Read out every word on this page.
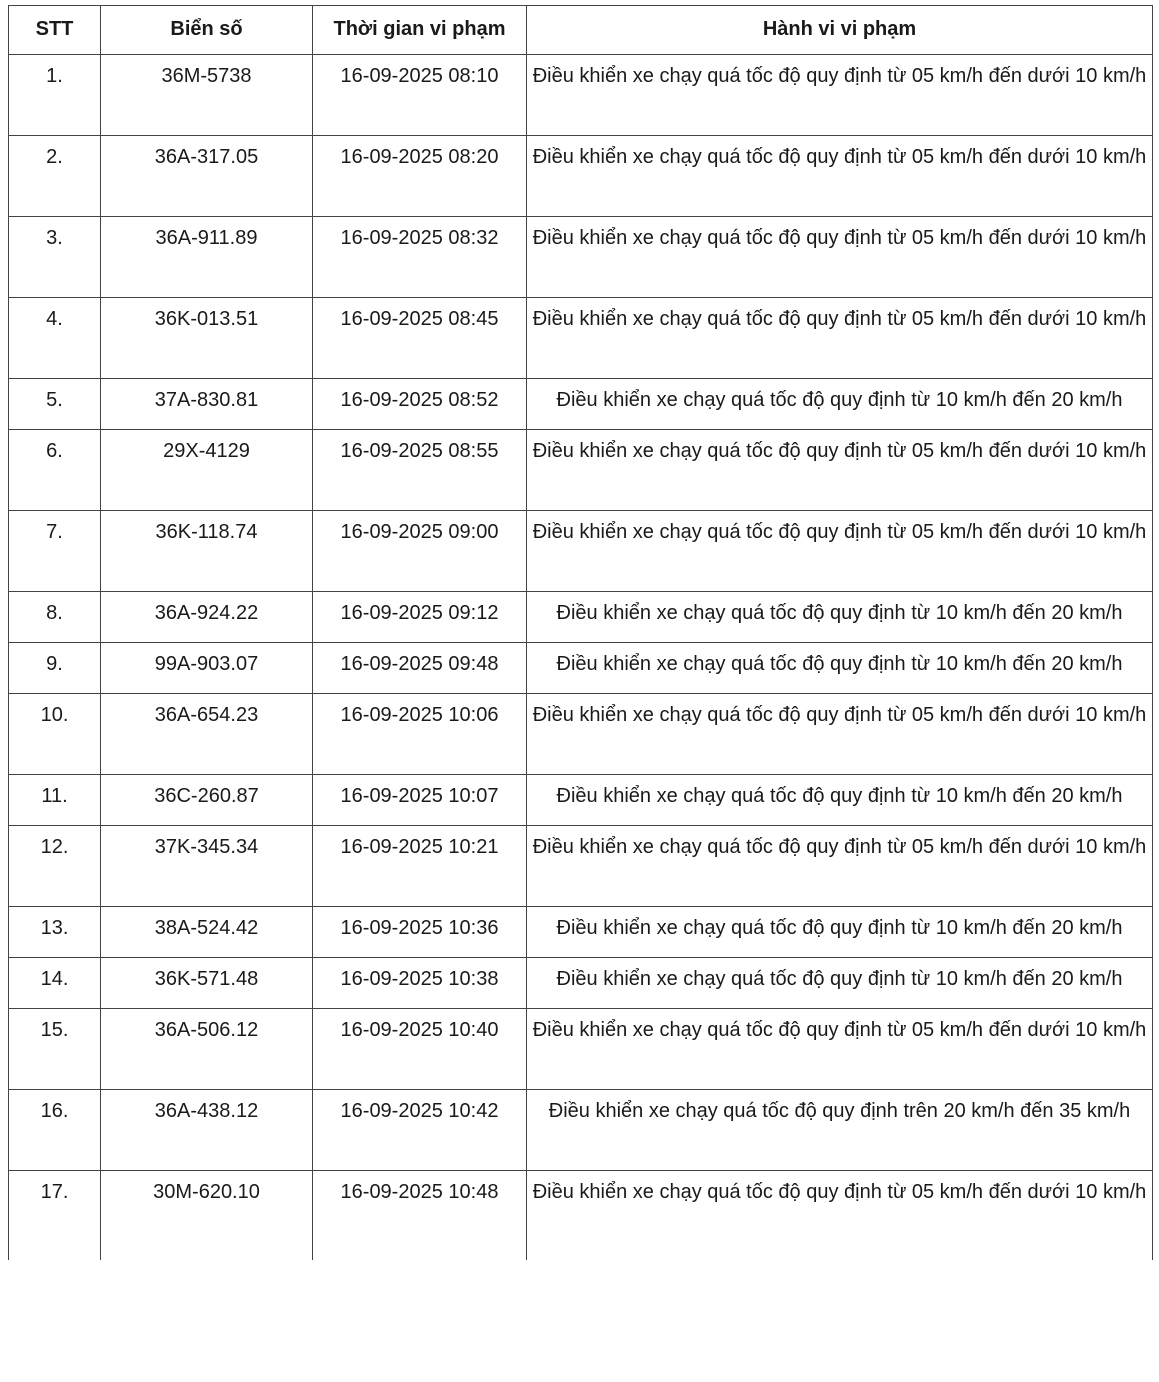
STT	Biển số	Thời gian vi phạm	Hành vi vi phạm
1.	36M-5738	16-09-2025 08:10	Điều khiển xe chạy quá tốc độ quy định từ 05 km/h đến dưới 10 km/h
2.	36A-317.05	16-09-2025 08:20	Điều khiển xe chạy quá tốc độ quy định từ 05 km/h đến dưới 10 km/h
3.	36A-911.89	16-09-2025 08:32	Điều khiển xe chạy quá tốc độ quy định từ 05 km/h đến dưới 10 km/h
4.	36K-013.51	16-09-2025 08:45	Điều khiển xe chạy quá tốc độ quy định từ 05 km/h đến dưới 10 km/h
5.	37A-830.81	16-09-2025 08:52	Điều khiển xe chạy quá tốc độ quy định từ 10 km/h đến 20 km/h
6.	29X-4129	16-09-2025 08:55	Điều khiển xe chạy quá tốc độ quy định từ 05 km/h đến dưới 10 km/h
7.	36K-118.74	16-09-2025 09:00	Điều khiển xe chạy quá tốc độ quy định từ 05 km/h đến dưới 10 km/h
8.	36A-924.22	16-09-2025 09:12	Điều khiển xe chạy quá tốc độ quy định từ 10 km/h đến 20 km/h
9.	99A-903.07	16-09-2025 09:48	Điều khiển xe chạy quá tốc độ quy định từ 10 km/h đến 20 km/h
10.	36A-654.23	16-09-2025 10:06	Điều khiển xe chạy quá tốc độ quy định từ 05 km/h đến dưới 10 km/h
11.	36C-260.87	16-09-2025 10:07	Điều khiển xe chạy quá tốc độ quy định từ 10 km/h đến 20 km/h
12.	37K-345.34	16-09-2025 10:21	Điều khiển xe chạy quá tốc độ quy định từ 05 km/h đến dưới 10 km/h
13.	38A-524.42	16-09-2025 10:36	Điều khiển xe chạy quá tốc độ quy định từ 10 km/h đến 20 km/h
14.	36K-571.48	16-09-2025 10:38	Điều khiển xe chạy quá tốc độ quy định từ 10 km/h đến 20 km/h
15.	36A-506.12	16-09-2025 10:40	Điều khiển xe chạy quá tốc độ quy định từ 05 km/h đến dưới 10 km/h
16.	36A-438.12	16-09-2025 10:42	Điều khiển xe chạy quá tốc độ quy định trên 20 km/h đến 35 km/h
17.	30M-620.10	16-09-2025 10:48	Điều khiển xe chạy quá tốc độ quy định từ 05 km/h đến dưới 10 km/h
